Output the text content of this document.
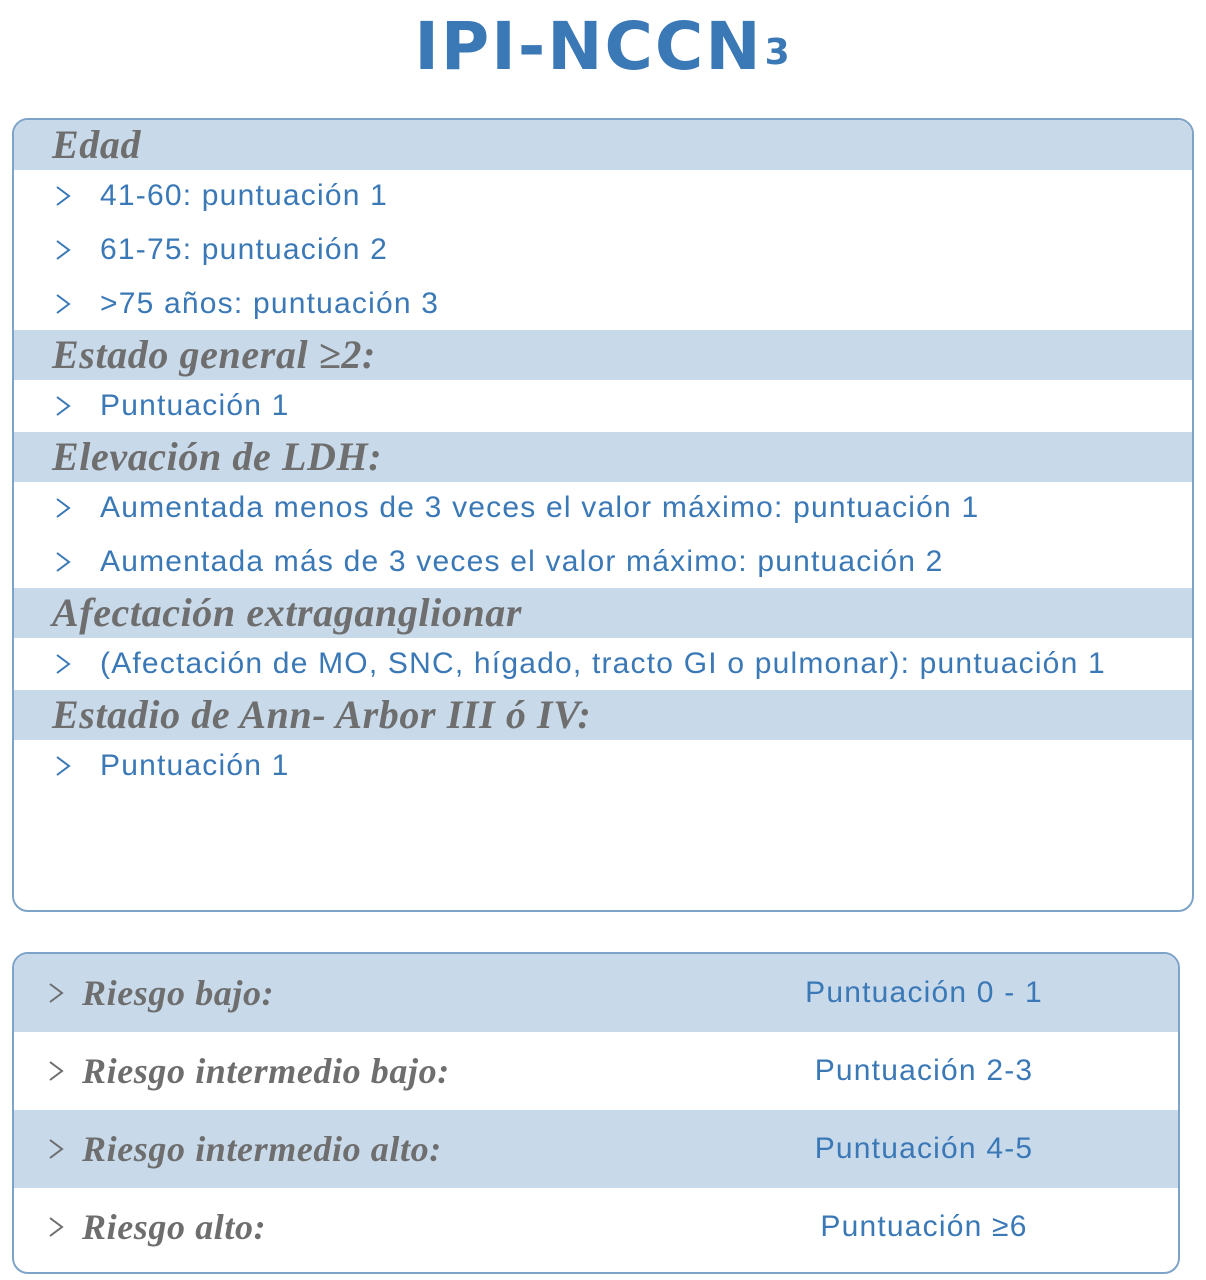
IPI-NCCN$^3$
Edad
41-60: puntuación 1
61-75: puntuación 2
>75 años: puntuación 3
Estado general ≥2:
Puntuación 1
Elevación de LDH:
Aumentada menos de 3 veces el valor máximo: puntuación 1
Aumentada más de 3 veces el valor máximo: puntuación 2
Afectación extraganglionar
(Afectación de MO, SNC, hígado, tracto GI o pulmonar): puntuación 1
Estadio de Ann- Arbor III ó IV:
Puntuación 1
Riesgo bajo:	Puntuación 0 - 1
Riesgo intermedio bajo:	Puntuación 2-3
Riesgo intermedio alto:	Puntuación 4-5
Riesgo alto:	Puntuación ≥6
